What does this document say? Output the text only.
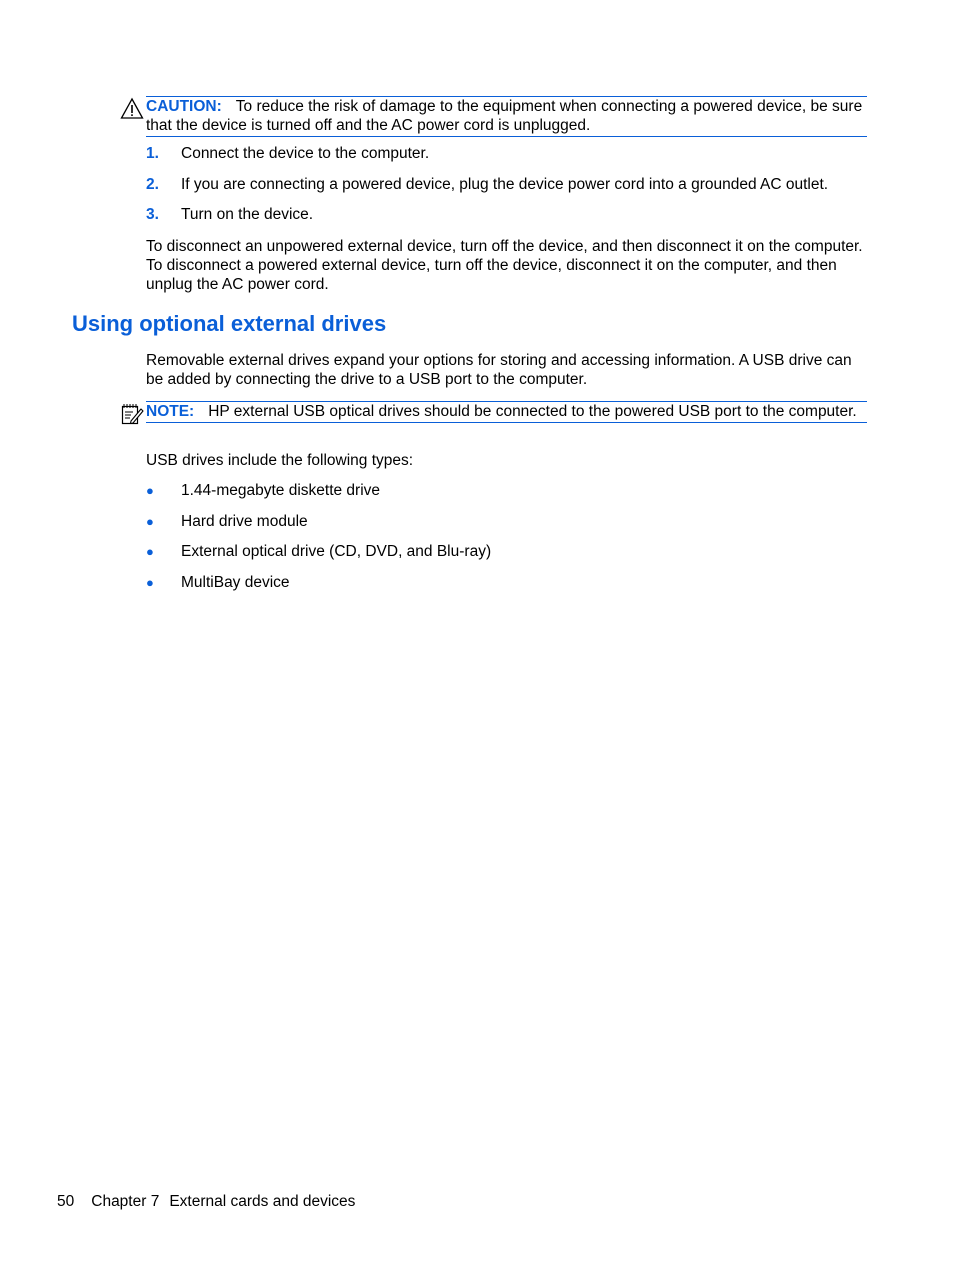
CAUTION: To reduce the risk of damage to the equipment when connecting a powered device, be sure that the device is turned off and the AC power cord is unplugged.
1. Connect the device to the computer.
2. If you are connecting a powered device, plug the device power cord into a grounded AC outlet.
3. Turn on the device.

To disconnect an unpowered external device, turn off the device, and then disconnect it on the computer. To disconnect a powered external device, turn off the device, disconnect it on the computer, and then unplug the AC power cord.

Using optional external drives

Removable external drives expand your options for storing and accessing information. A USB drive can be added by connecting the drive to a USB port to the computer.

NOTE: HP external USB optical drives should be connected to the powered USB port to the computer.

USB drives include the following types:

● 1.44-megabyte diskette drive
● Hard drive module
● External optical drive (CD, DVD, and Blu-ray)
● MultiBay device
50 Chapter 7 External cards and devices
